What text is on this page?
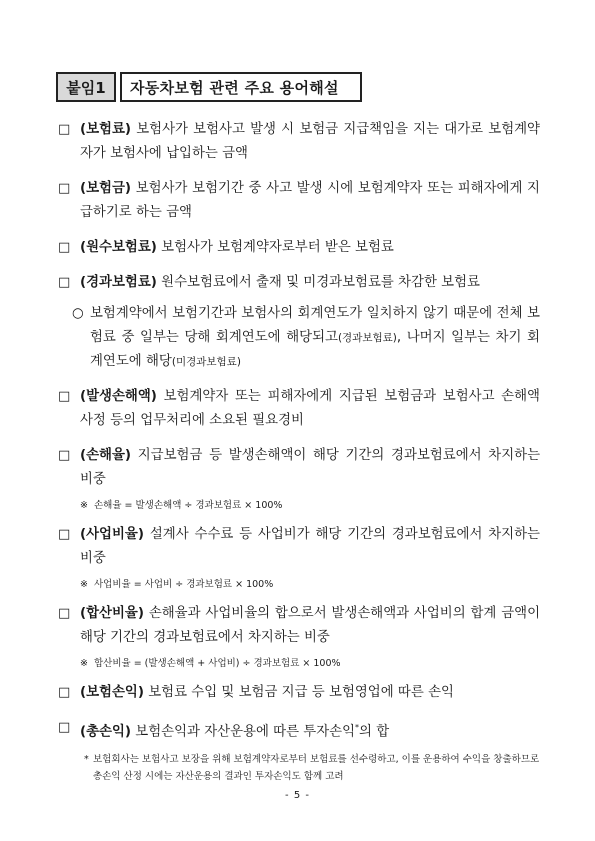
붙임1	자동차보험 관련 주요 용어해설
□ (보험료) 보험사가 보험사고 발생 시 보험금 지급책임을 지는 대가로 보험계약자가 보험사에 납입하는 금액
□ (보험금) 보험사가 보험기간 중 사고 발생 시에 보험계약자 또는 피해자에게 지급하기로 하는 금액
□ (원수보험료) 보험사가 보험계약자로부터 받은 보험료
□ (경과보험료) 원수보험료에서 출재 및 미경과보험료를 차감한 보험료
○ 보험계약에서 보험기간과 보험사의 회계연도가 일치하지 않기 때문에 전체 보험료 중 일부는 당해 회계연도에 해당되고(경과보험료), 나머지 일부는 차기 회계연도에 해당(미경과보험료)
□ (발생손해액) 보험계약자 또는 피해자에게 지급된 보험금과 보험사고 손해액 사정 등의 업무처리에 소요된 필요경비
□ (손해율) 지급보험금 등 발생손해액이 해당 기간의 경과보험료에서 차지하는 비중
※ 손해율 = 발생손해액 ÷ 경과보험료 × 100%
□ (사업비율) 설계사 수수료 등 사업비가 해당 기간의 경과보험료에서 차지하는 비중
※ 사업비율 = 사업비 ÷ 경과보험료 × 100%
□ (합산비율) 손해율과 사업비율의 합으로서 발생손해액과 사업비의 합계 금액이 해당 기간의 경과보험료에서 차지하는 비중
※ 합산비율 = (발생손해액 + 사업비) ÷ 경과보험료 × 100%
□ (보험손익) 보험료 수입 및 보험금 지급 등 보험영업에 따른 손익
□ (총손익) 보험손익과 자산운용에 따른 투자손익*의 합
* 보험회사는 보험사고 보장을 위해 보험계약자로부터 보험료를 선수령하고, 이를 운용하여 수익을 창출하므로 총손익 산정 시에는 자산운용의 결과인 투자손익도 함께 고려
- 5 -
